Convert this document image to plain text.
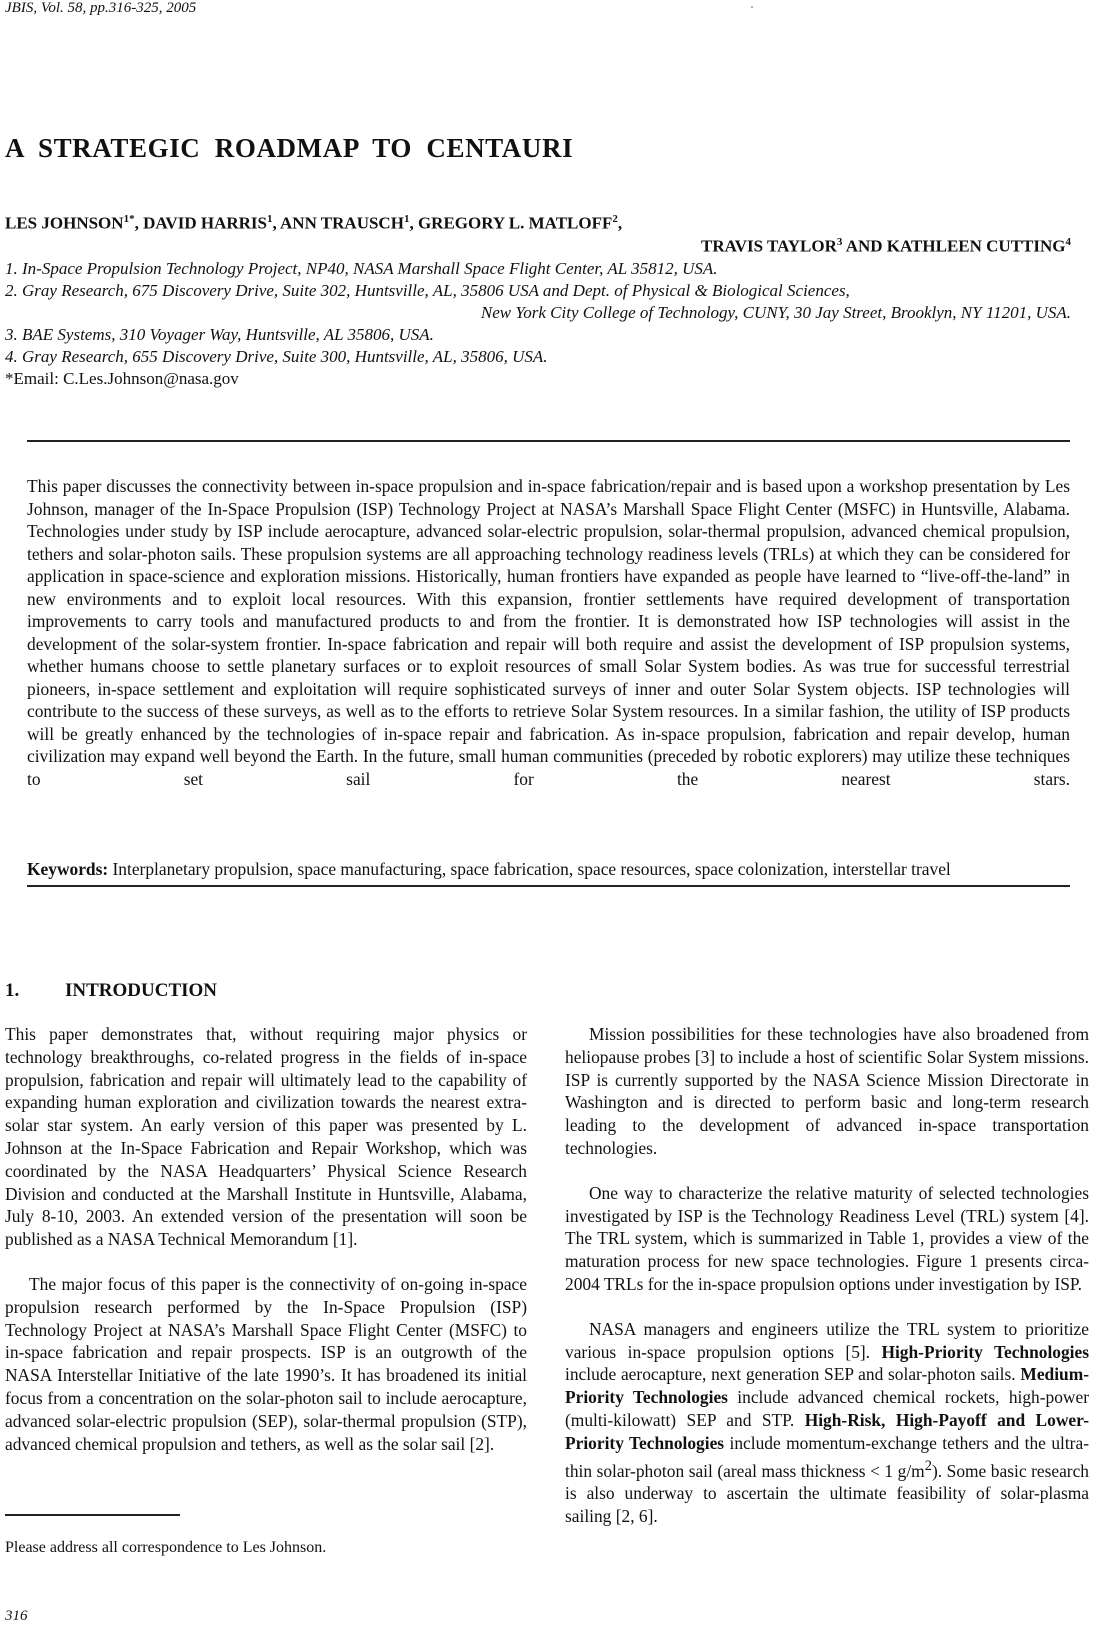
JBIS, Vol. 58, pp.316-325, 2005
A STRATEGIC ROADMAP TO CENTAURI
LES $JOHNSON^{1*}$, DAVID HARRIS$^1$, ANN TRAUSCH$^1$, GREGORY L. MATLOFF$^2$,
TRAVIS TAYLOR$^3$ AND KATHLEEN CUTTING$^4$
1. In-Space Propulsion Technology Project, NP40, NASA Marshall Space Flight Center, AL 35812, USA.
2. Gray Research, 675 Discovery Drive, Suite 302, Huntsville, AL, 35806 USA and Dept. of Physical & Biological Sciences,
New York City College of Technology, CUNY, 30 Jay Street, Brooklyn, NY 11201, USA.
3. BAE Systems, 310 Voyager Way, Huntsville, AL 35806, USA.
4. Gray Research, 655 Discovery Drive, Suite 300, Huntsville, AL, 35806, USA.
*Email: C.Les.Johnson@nasa.gov
This paper discusses the connectivity between in-space propulsion and in-space fabrication/repair and is based upon a workshop presentation by Les Johnson, manager of the In-Space Propulsion (ISP) Technology Project at NASA’s Marshall Space Flight Center (MSFC) in Huntsville, Alabama. Technologies under study by ISP include aerocapture, advanced solar-electric propulsion, solar-thermal propulsion, advanced chemical propulsion, tethers and solar-photon sails. These propulsion systems are all approaching technology readiness levels (TRLs) at which they can be considered for application in space-science and exploration missions. Historically, human frontiers have expanded as people have learned to “live-off-the-land” in new environments and to exploit local resources. With this expansion, frontier settlements have required development of transportation improvements to carry tools and manufactured products to and from the frontier. It is demonstrated how ISP technologies will assist in the development of the solar-system frontier. In-space fabrication and repair will both require and assist the development of ISP propulsion systems, whether humans choose to settle planetary surfaces or to exploit resources of small Solar System bodies. As was true for successful terrestrial pioneers, in-space settlement and exploitation will require sophisticated surveys of inner and outer Solar System objects. ISP technologies will contribute to the success of these surveys, as well as to the efforts to retrieve Solar System resources. In a similar fashion, the utility of ISP products will be greatly enhanced by the technologies of in-space repair and fabrication. As in-space propulsion, fabrication and repair develop, human civilization may expand well beyond the Earth. In the future, small human communities (preceded by robotic explorers) may utilize these techniques to set sail for the nearest stars.
Keywords: Interplanetary propulsion, space manufacturing, space fabrication, space resources, space colonization, interstellar travel
1. INTRODUCTION

This paper demonstrates that, without requiring major physics or technology breakthroughs, co-related progress in the fields of in-space propulsion, fabrication and repair will ultimately lead to the capability of expanding human exploration and civilization towards the nearest extra-solar star system. An early version of this paper was presented by L. Johnson at the In-Space Fabrication and Repair Workshop, which was coordinated by the NASA Headquarters’ Physical Science Research Division and conducted at the Marshall Institute in Huntsville, Alabama, July 8-10, 2003. An extended version of the presentation will soon be published as a NASA Technical Memorandum [1].

The major focus of this paper is the connectivity of on-going in-space propulsion research performed by the In-Space Propulsion (ISP) Technology Project at NASA’s Marshall Space Flight Center (MSFC) to in-space fabrication and repair prospects. ISP is an outgrowth of the NASA Interstellar Initiative of the late 1990’s. It has broadened its initial focus from a concentration on the solar-photon sail to include aerocapture, advanced solar-electric propulsion (SEP), solar-thermal propulsion (STP), advanced chemical propulsion and tethers, as well as the solar sail [2].

Mission possibilities for these technologies have also broadened from heliopause probes [3] to include a host of scientific Solar System missions. ISP is currently supported by the NASA Science Mission Directorate in Washington and is directed to perform basic and long-term research leading to the development of advanced in-space transportation technologies.

One way to characterize the relative maturity of selected technologies investigated by ISP is the Technology Readiness Level (TRL) system [4]. The TRL system, which is summarized in Table 1, provides a view of the maturation process for new space technologies. Figure 1 presents circa-2004 TRLs for the in-space propulsion options under investigation by ISP.

NASA managers and engineers utilize the TRL system to prioritize various in-space propulsion options [5]. High-Priority Technologies include aerocapture, next generation SEP and solar-photon sails. Medium-Priority Technologies include advanced chemical rockets, high-power (multi-kilowatt) SEP and STP. High-Risk, High-Payoff and Lower-Priority Technologies include momentum-exchange tethers and the ultra-thin solar-photon sail (areal mass thickness < 1 $g/m^2$). Some basic research is also underway to ascertain the ultimate feasibility of solar-plasma sailing [2, 6].

Please address all correspondence to Les Johnson.
316
